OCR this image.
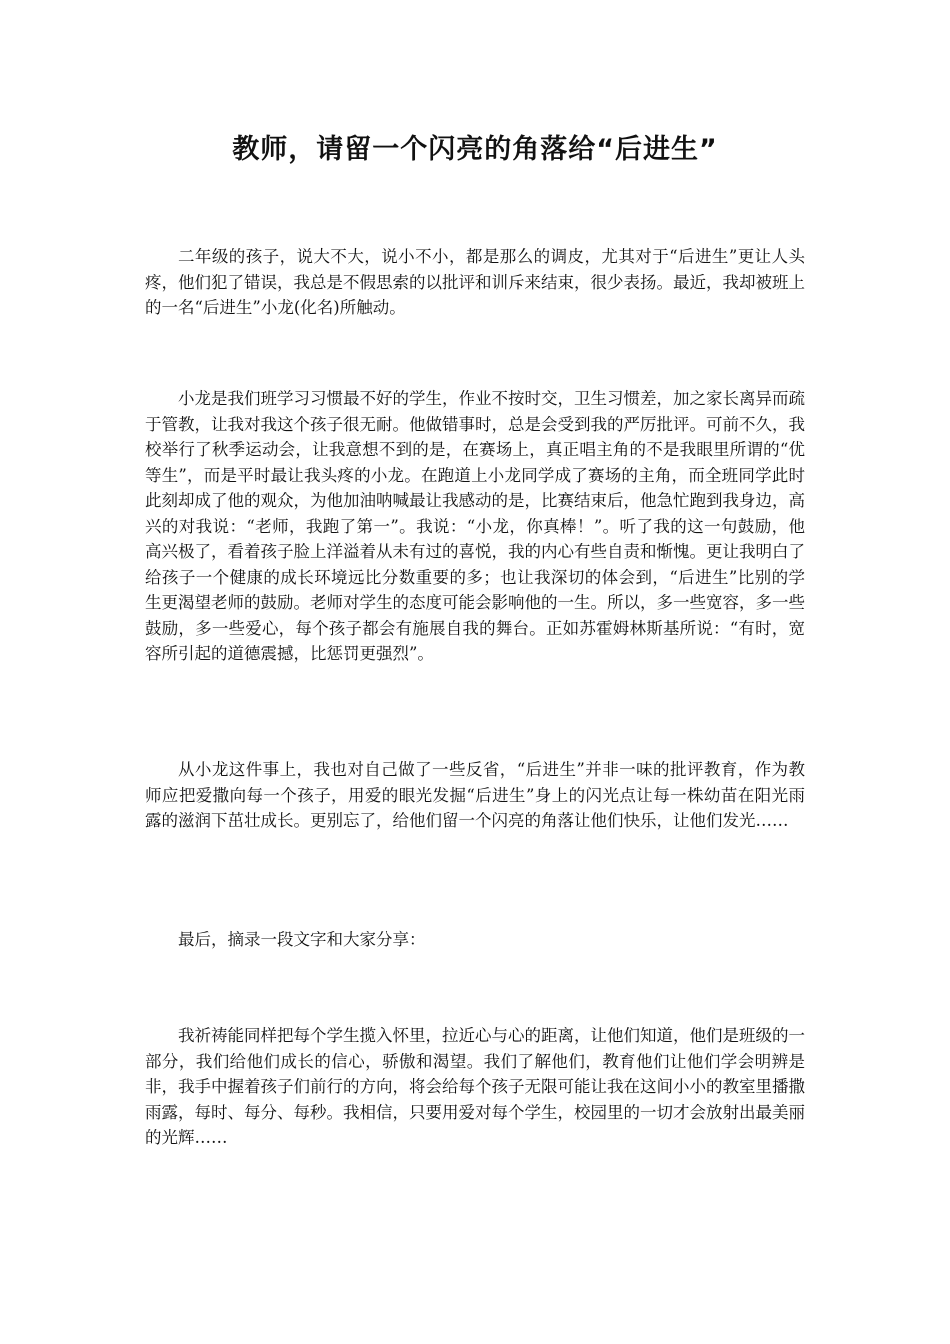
教师，请留一个闪亮的角落给“后进生”

二年级的孩子，说大不大，说小不小，都是那么的调皮，尤其对于“后进生”更让人头疼，他们犯了错误，我总是不假思索的以批评和训斥来结束，很少表扬。最近，我却被班上的一名“后进生”小龙(化名)所触动。

小龙是我们班学习习惯最不好的学生，作业不按时交，卫生习惯差，加之家长离异而疏于管教，让我对我这个孩子很无耐。他做错事时，总是会受到我的严厉批评。可前不久，我校举行了秋季运动会，让我意想不到的是，在赛场上，真正唱主角的不是我眼里所谓的“优等生”，而是平时最让我头疼的小龙。在跑道上小龙同学成了赛场的主角，而全班同学此时此刻却成了他的观众，为他加油呐喊最让我感动的是，比赛结束后，他急忙跑到我身边，高兴的对我说：“老师，我跑了第一”。我说：“小龙，你真棒！”。听了我的这一句鼓励，他高兴极了，看着孩子脸上洋溢着从未有过的喜悦，我的内心有些自责和惭愧。更让我明白了给孩子一个健康的成长环境远比分数重要的多；也让我深切的体会到，“后进生”比别的学生更渴望老师的鼓励。老师对学生的态度可能会影响他的一生。所以，多一些宽容，多一些鼓励，多一些爱心，每个孩子都会有施展自我的舞台。正如苏霍姆林斯基所说：“有时，宽容所引起的道德震撼，比惩罚更强烈”。

从小龙这件事上，我也对自己做了一些反省，“后进生”并非一味的批评教育，作为教师应把爱撒向每一个孩子，用爱的眼光发掘“后进生”身上的闪光点让每一株幼苗在阳光雨露的滋润下茁壮成长。更别忘了，给他们留一个闪亮的角落让他们快乐，让他们发光……

最后，摘录一段文字和大家分享：

我祈祷能同样把每个学生揽入怀里，拉近心与心的距离，让他们知道，他们是班级的一部分，我们给他们成长的信心，骄傲和渴望。我们了解他们，教育他们让他们学会明辨是非，我手中握着孩子们前行的方向，将会给每个孩子无限可能让我在这间小小的教室里播撒雨露，每时、每分、每秒。我相信，只要用爱对每个学生，校园里的一切才会放射出最美丽的光辉……
